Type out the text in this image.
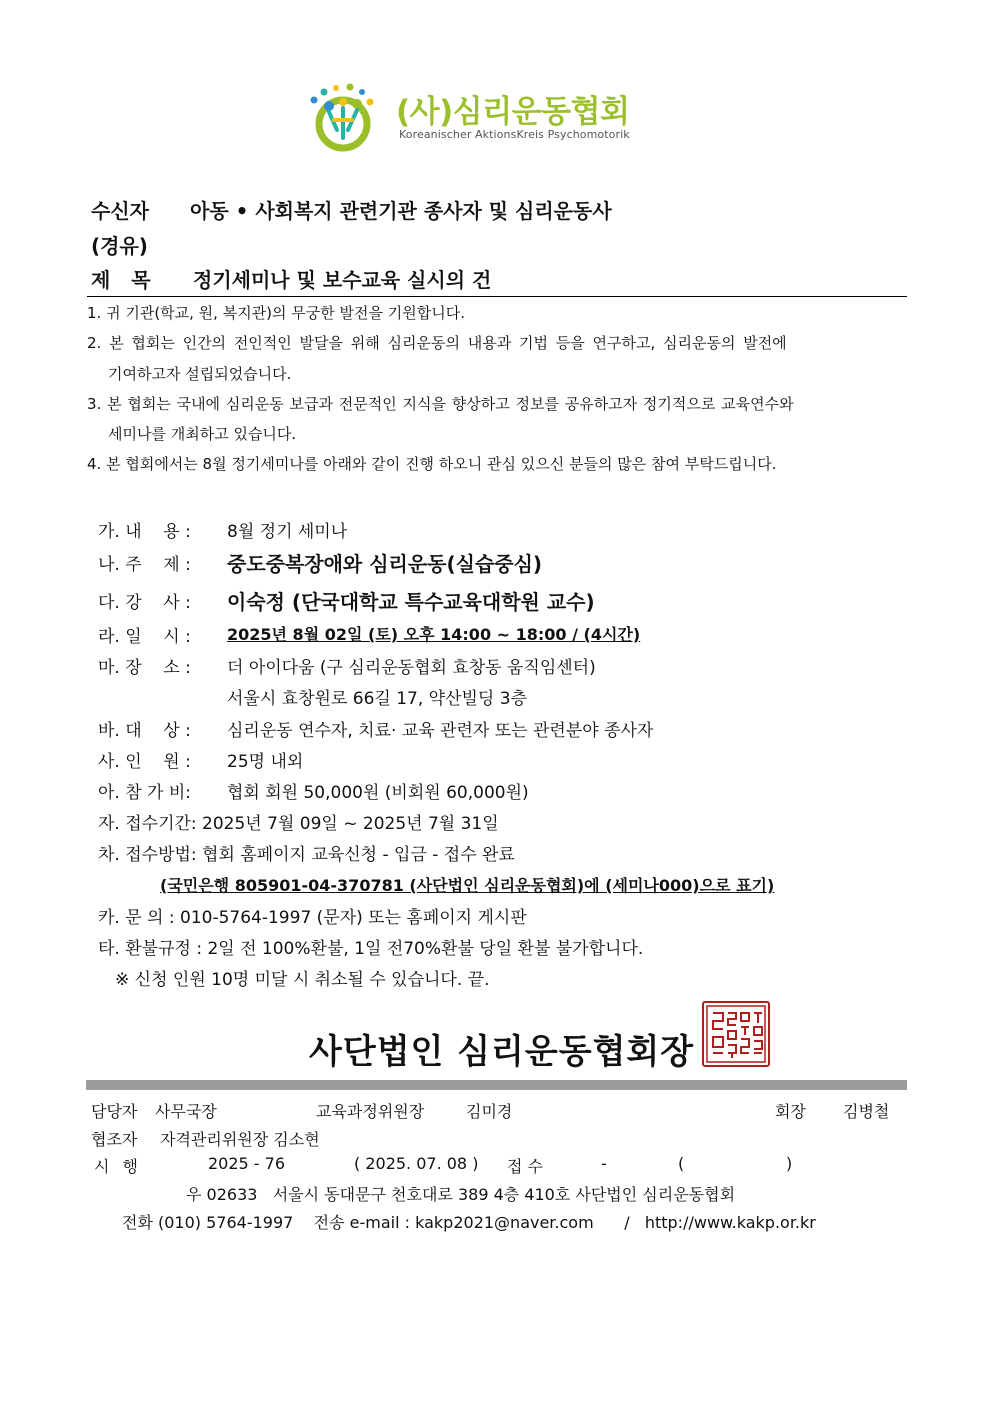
(사)심리운동협회
Koreanischer AktionsKreis Psychomotorik
수신자 아동 • 사회복지 관련기관 종사자 및 심리운동사
(경유)
제 목 정기세미나 및 보수교육 실시의 건
1. 귀 기관(학교, 원, 복지관)의 무궁한 발전을 기원합니다.
2. 본 협회는 인간의 전인적인 발달을 위해 심리운동의 내용과 기법 등을 연구하고, 심리운동의 발전에
기여하고자 설립되었습니다.
3. 본 협회는 국내에 심리운동 보급과 전문적인 지식을 향상하고 정보를 공유하고자 정기적으로 교육연수와
세미나를 개최하고 있습니다.
4. 본 협회에서는 8월 정기세미나를 아래와 같이 진행 하오니 관심 있으신 분들의 많은 참여 부탁드립니다.
가. 내    용 : 8월 정기 세미나
나. 주    제 : 중도중복장애와 심리운동(실습중심)
다. 강    사 : 이숙정 (단국대학교 특수교육대학원 교수)
라. 일    시 : 2025년 8월 02일 (토) 오후 14:00 ~ 18:00 / (4시간)
마. 장    소 : 더 아이다움 (구 심리운동협회 효창동 움직임센터)
서울시 효창원로 66길 17, 약산빌딩 3층
바. 대    상 : 심리운동 연수자, 치료· 교육 관련자 또는 관련분야 종사자
사. 인    원 : 25명 내외
아. 참 가 비: 협회 회원 50,000원 (비회원 60,000원)
자. 접수기간: 2025년 7월 09일 ~ 2025년 7월 31일
차. 접수방법: 협회 홈페이지 교육신청 - 입금 - 접수 완료
(국민은행 805901-04-370781 (사단법인 심리운동협회)에 (세미나000)으로 표기)
카. 문 의 : 010-5764-1997 (문자) 또는 홈페이지 게시판
타. 환불규정 : 2일 전 100%환불, 1일 전70%환불 당일 환불 불가합니다.
※ 신청 인원 10명 미달 시 취소될 수 있습니다. 끝.
사단법인 심리운동협회장
담당자 사무국장	교육과정위원장	김미경	회장 김병철
협조자 자격관리위원장 김소현
시 행	2025 - 76	( 2025. 07. 08 ) 접 수	-	(                    )
우 02633   서울시 동대문구 천호대로 389 4층 410호 사단법인 심리운동협회
전화 (010) 5764-1997    전송 e-mail : kakp2021@naver.com      /   http://www.kakp.or.kr
